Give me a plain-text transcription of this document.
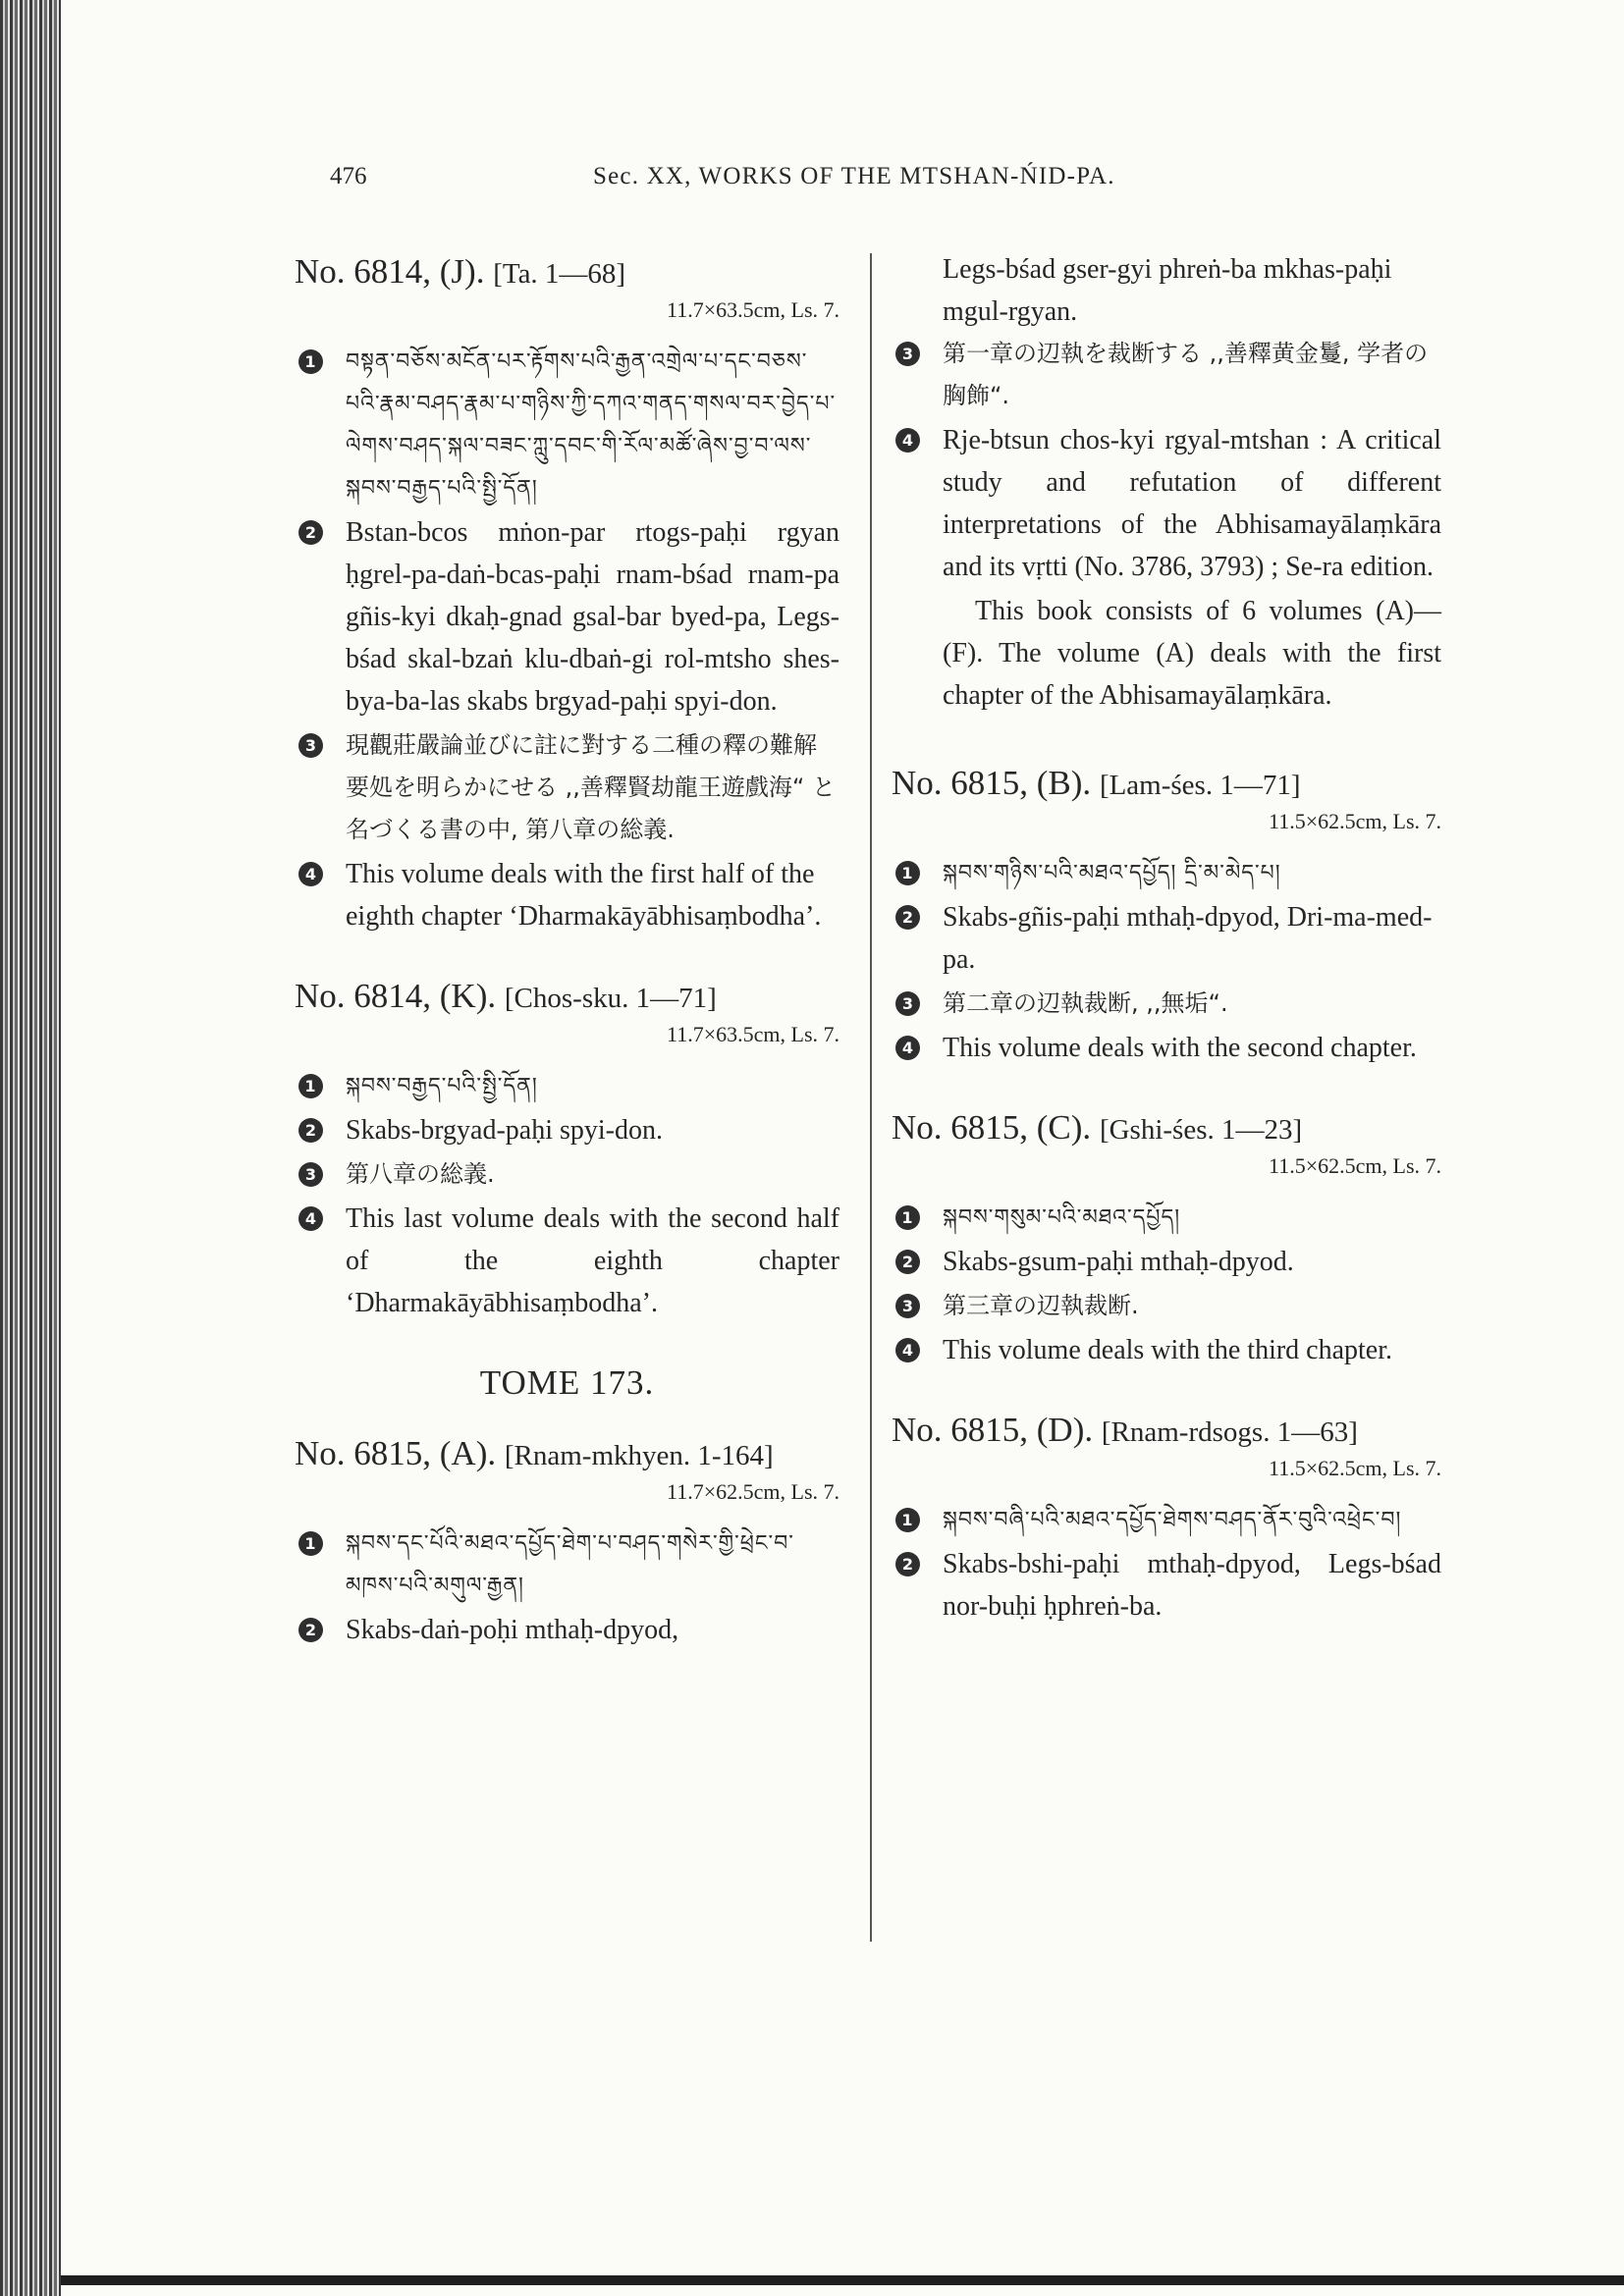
476	Sec. XX, WORKS OF THE MTSHAN-ŃID-PA.
No. 6814, (J). [Ta. 1—68]
11.7×63.5cm, Ls. 7.
1 བསྟན་བཅོས་མངོན་པར་རྟོགས་པའི་རྒྱན་འགྲེལ་པ་དང་བཅས་པའི་རྣམ་བཤད་རྣམ་པ་གཉིས་ཀྱི་དཀའ་གནད་གསལ་བར་བྱེད་པ་ལེགས་བཤད་སྐལ་བཟང་ཀླུ་དབང་གི་རོལ་མཚོ་ཞེས་བྱ་བ་ལས་སྐབས་བརྒྱད་པའི་སྤྱི་དོན།
2 Bstan-bcos mṅon-par rtogs-paḥi rgyan ḥgrel-pa-daṅ-bcas-paḥi rnam-bśad rnam-pa gñis-kyi dkaḥ-gnad gsal-bar byed-pa, Legs-bśad skal-bzaṅ klu-dbaṅ-gi rol-mtsho shes-bya-ba-las skabs brgyad-paḥi spyi-don.
3 現觀莊嚴論並びに註に對する二種の釋の難解要処を明らかにせる ,,善釋賢劫龍王遊戲海“ と名づくる書の中, 第八章の総義.
4 This volume deals with the first half of the eighth chapter ‘Dharmakāyābhisaṃbodha’.
No. 6814, (K). [Chos-sku. 1—71]
11.7×63.5cm, Ls. 7.
1 སྐབས་བརྒྱད་པའི་སྤྱི་དོན།
2 Skabs-brgyad-paḥi spyi-don.
3 第八章の総義.
4 This last volume deals with the second half of the eighth chapter ‘Dharmakāyābhisaṃbodha’.
TOME 173.
No. 6815, (A). [Rnam-mkhyen. 1-164]
11.7×62.5cm, Ls. 7.
1 སྐབས་དང་པོའི་མཐའ་དཔྱོད་ཐེག་པ་བཤད་གསེར་གྱི་ཕྲེང་བ་མཁས་པའི་མགུལ་རྒྱན།
2 Skabs-daṅ-poḥi mthaḥ-dpyod,
Legs-bśad gser-gyi phreṅ-ba mkhas-paḥi mgul-rgyan.
3 第一章の辺執を裁断する ,,善釋黄金鬘, 学者の胸飾“.
4 Rje-btsun chos-kyi rgyal-mtshan : A critical study and refutation of different interpretations of the Abhisamayālaṃkāra and its vṛtti (No. 3786, 3793) ; Se-ra edition.
This book consists of 6 volumes (A)—(F). The volume (A) deals with the first chapter of the Abhisamayālaṃkāra.
No. 6815, (B). [Lam-śes. 1—71]
11.5×62.5cm, Ls. 7.
1 སྐབས་གཉིས་པའི་མཐའ་དཔྱོད། དྲི་མ་མེད་པ།
2 Skabs-gñis-paḥi mthaḥ-dpyod, Dri-ma-med-pa.
3 第二章の辺執裁断, ,,無垢“.
4 This volume deals with the second chapter.
No. 6815, (C). [Gshi-śes. 1—23]
11.5×62.5cm, Ls. 7.
1 སྐབས་གསུམ་པའི་མཐའ་དཔྱོད།
2 Skabs-gsum-paḥi mthaḥ-dpyod.
3 第三章の辺執裁断.
4 This volume deals with the third chapter.
No. 6815, (D). [Rnam-rdsogs. 1—63]
11.5×62.5cm, Ls. 7.
1 སྐབས་བཞི་པའི་མཐའ་དཔྱོད་ཐེགས་བཤད་ནོར་བུའི་འཕྲེང་བ།
2 Skabs-bshi-paḥi mthaḥ-dpyod, Legs-bśad nor-buḥi ḥphreṅ-ba.
